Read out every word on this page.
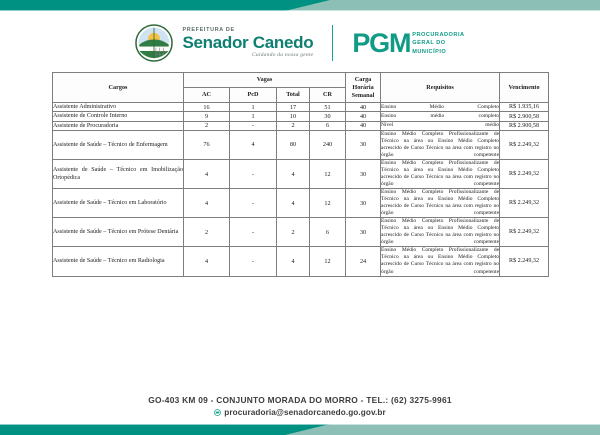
PREFEITURA DE
Senador Canedo
Cuidando da nossa gente PGM PROCURADORIA
GERAL DO
MUNICÍPIO
Cargos	Vagas				Carga Horária Semanal	Requisitos	Vencimento
	AC	PcD	Total	CR			
Assistente Administrativo	16	1	17	51	40	Ensino Médio Completo	R$ 1.935,16
Assistente de Controle Interno	9	1	10	30	40	Ensino médio completo	R$ 2.900,58
Assistente de Procuradoria	2	-	2	6	40	Nível médio	R$ 2.900,58
Assistente de Saúde – Técnico de Enfermagem	76	4	80	240	30	Ensino Médio Completo Profissionalizante de Técnico na área ou Ensino Médio Completo acrescido de Curso Técnico na área com registro no órgão competente	R$ 2.249,32
Assistente de Saúde – Técnico em Imobilização Ortopédica	4	-	4	12	30	Ensino Médio Completo Profissionalizante de Técnico na área ou Ensino Médio Completo acrescido de Curso Técnico na área com registro no órgão competente	R$ 2.249,32
Assistente de Saúde – Técnico em Laboratório	4	-	4	12	30	Ensino Médio Completo Profissionalizante de Técnico na área ou Ensino Médio Completo acrescido de Curso Técnico na área com registro no órgão competente	R$ 2.249,32
Assistente de Saúde – Técnico em Prótese Dentária	2	-	2	6	30	Ensino Médio Completo Profissionalizante de Técnico na área ou Ensino Médio Completo acrescido de Curso Técnico na área com registro no órgão competente	R$ 2.249,32
Assistente de Saúde – Técnico em Radiologia	4	-	4	12	24	Ensino Médio Completo Profissionalizante de Técnico na área ou Ensino Médio Completo acrescido de Curso Técnico na área com registro no órgão competente	R$ 2.249,32
GO-403 KM 09 - CONJUNTO MORADA DO MORRO - TEL.: (62) 3275-9961
procuradoria@senadorcanedo.go.gov.br
